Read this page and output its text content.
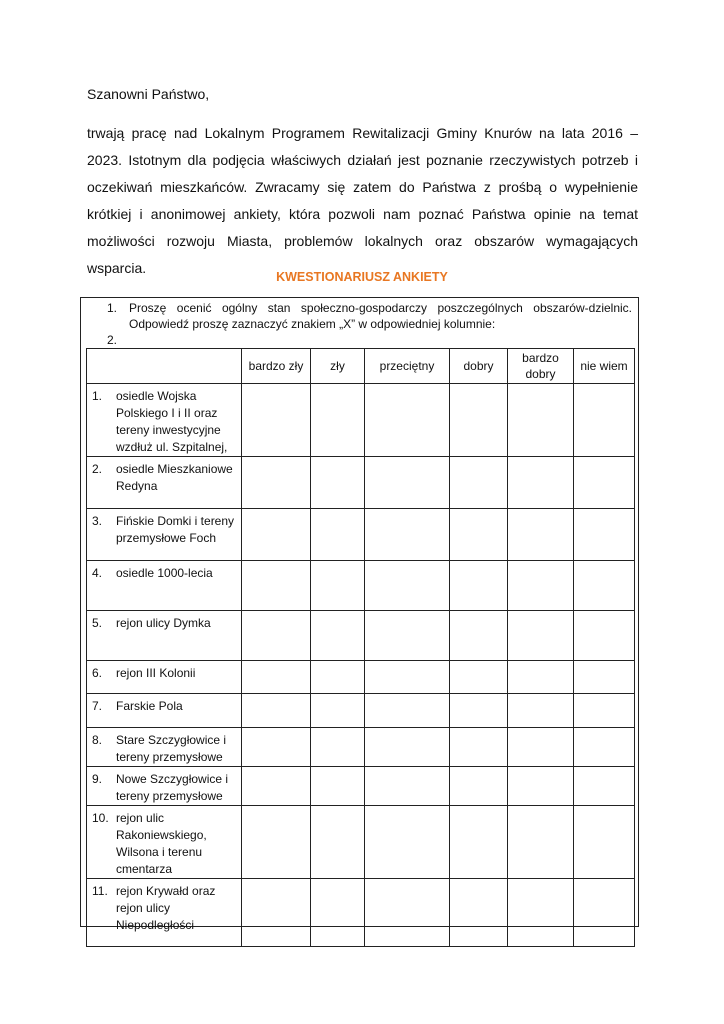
Szanowni Państwo,

trwają pracę nad Lokalnym Programem Rewitalizacji Gminy Knurów na lata 2016 – 2023. Istotnym dla podjęcia właściwych działań jest poznanie rzeczywistych potrzeb i oczekiwań mieszkańców. Zwracamy się zatem do Państwa z prośbą o wypełnienie krótkiej i anonimowej ankiety, która pozwoli nam poznać Państwa opinie na temat możliwości rozwoju Miasta, problemów lokalnych oraz obszarów wymagających wsparcia.

KWESTIONARIUSZ ANKIETY
1. Proszę ocenić ogólny stan społeczno-gospodarczy poszczególnych obszarów-dzielnic. Odpowiedź proszę zaznaczyć znakiem „X” w odpowiedniej kolumnie:
2.
	bardzo zły	zły	przeciętny	dobry	bardzo dobry	nie wiem

1. osiedle Wojska Polskiego I i II oraz tereny inwestycyjne wzdłuż ul. Szpitalnej,						

2. osiedle Mieszkaniowe Redyna						

3. Fińskie Domki i tereny przemysłowe Foch						

4. osiedle 1000-lecia						

5. rejon ulicy Dymka						

6. rejon III Kolonii						

7. Farskie Pola						

8. Stare Szczygłowice i tereny przemysłowe						

9. Nowe Szczygłowice i tereny przemysłowe						

10. rejon ulic Rakoniewskiego, Wilsona i terenu cmentarza						

11. rejon Krywałd oraz rejon ulicy Niepodległości						
